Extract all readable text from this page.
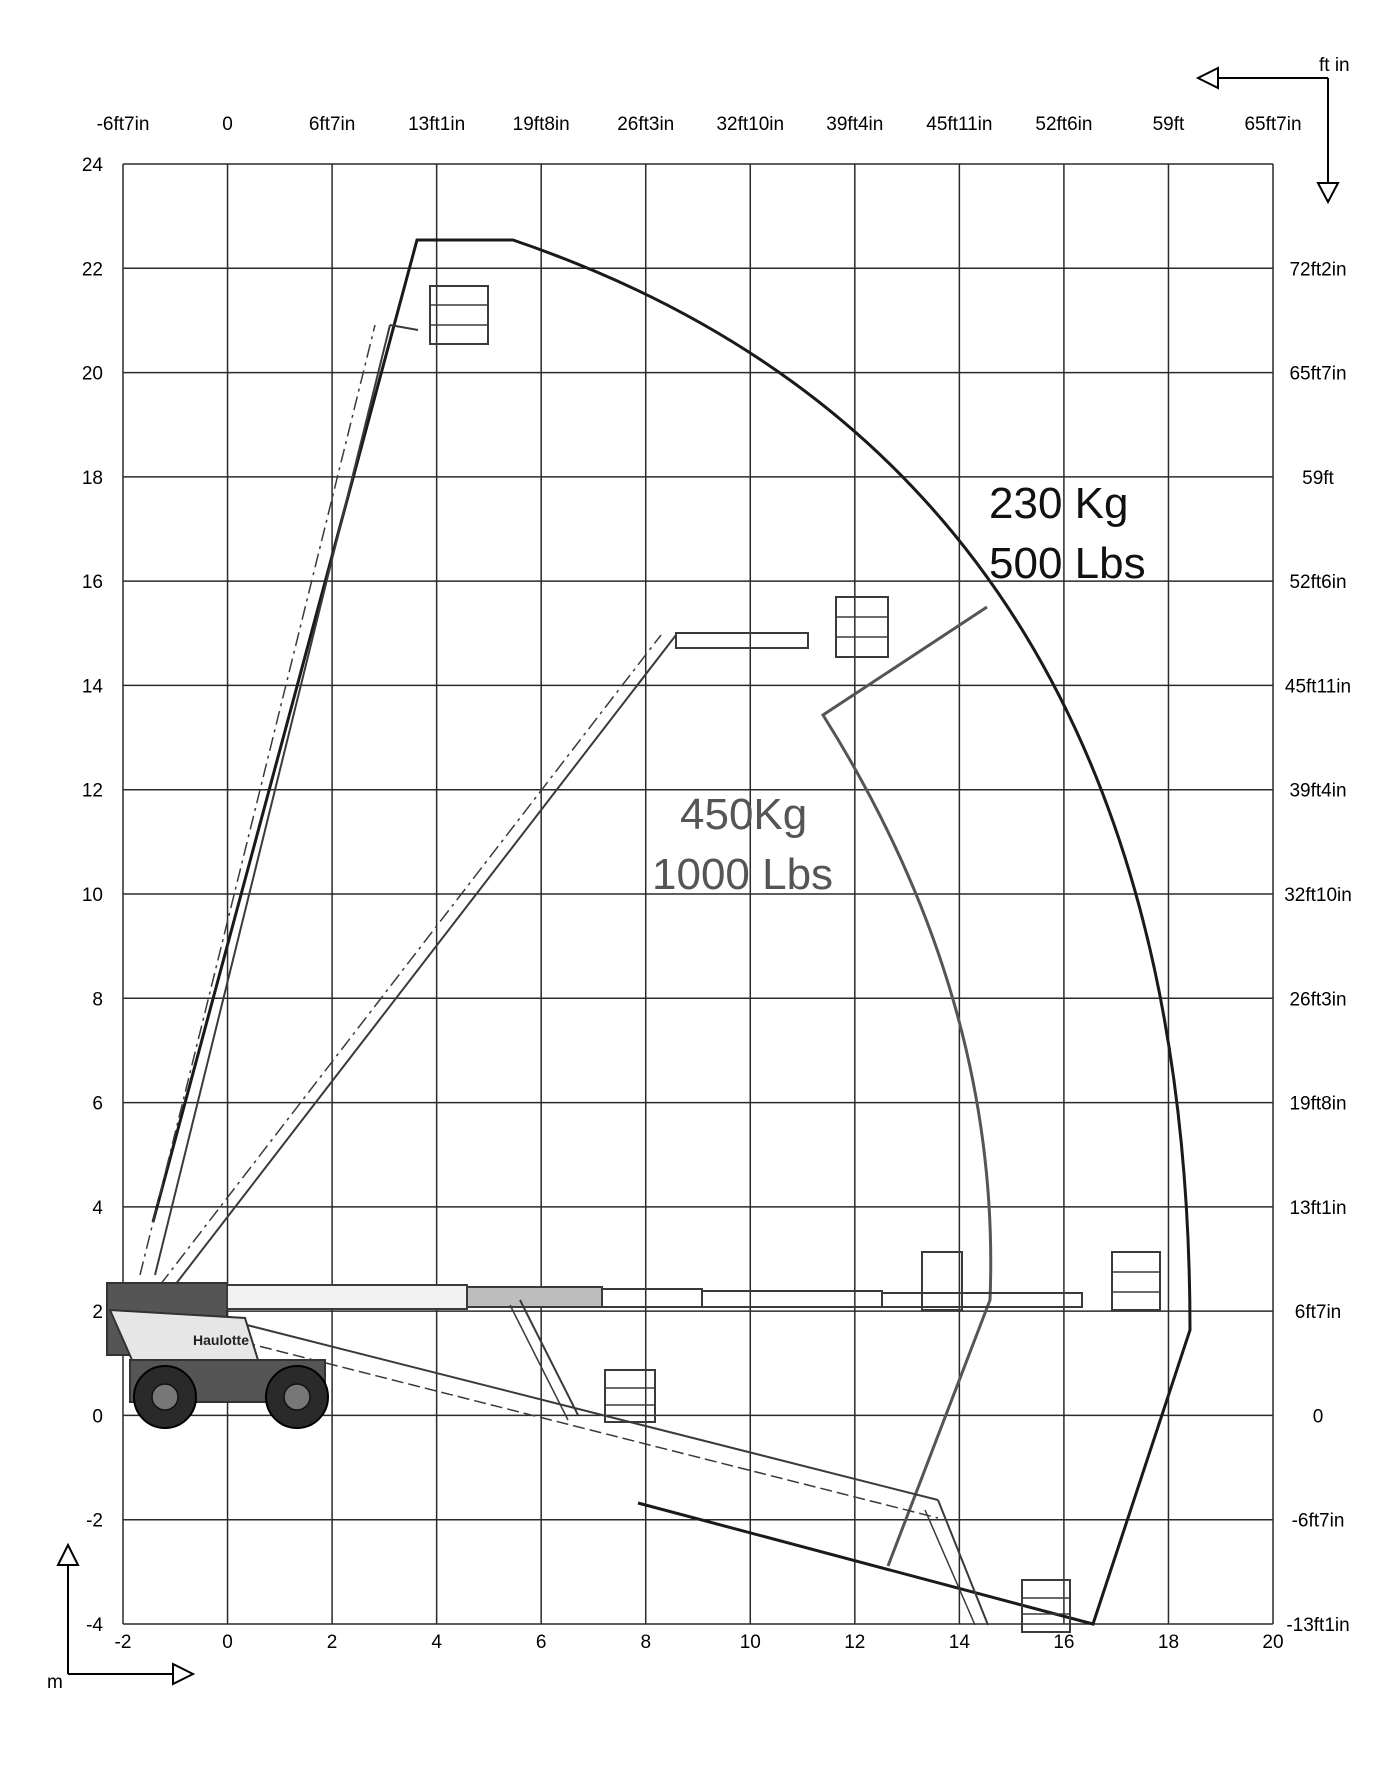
-2	0	2	4	6	8	10	12	14	16	18	20
-6ft7in	0	6ft7in	13ft1in 19ft8in 26ft3in 32ft10in 39ft4in 45ft11in 52ft6in	59ft	65ft7in
24
22
20
18
16
14
12
10
8
6
4
2
0
-2
-4
72ft2in
65ft7in
59ft
52ft6in
45ft11in
39ft4in
32ft10in
26ft3in
19ft8in
13ft1in
6ft7in
0
-6ft7in
-13ft1in
ft in
m
Haulotte
230 Kg
500 Lbs
450Kg
1000 Lbs
